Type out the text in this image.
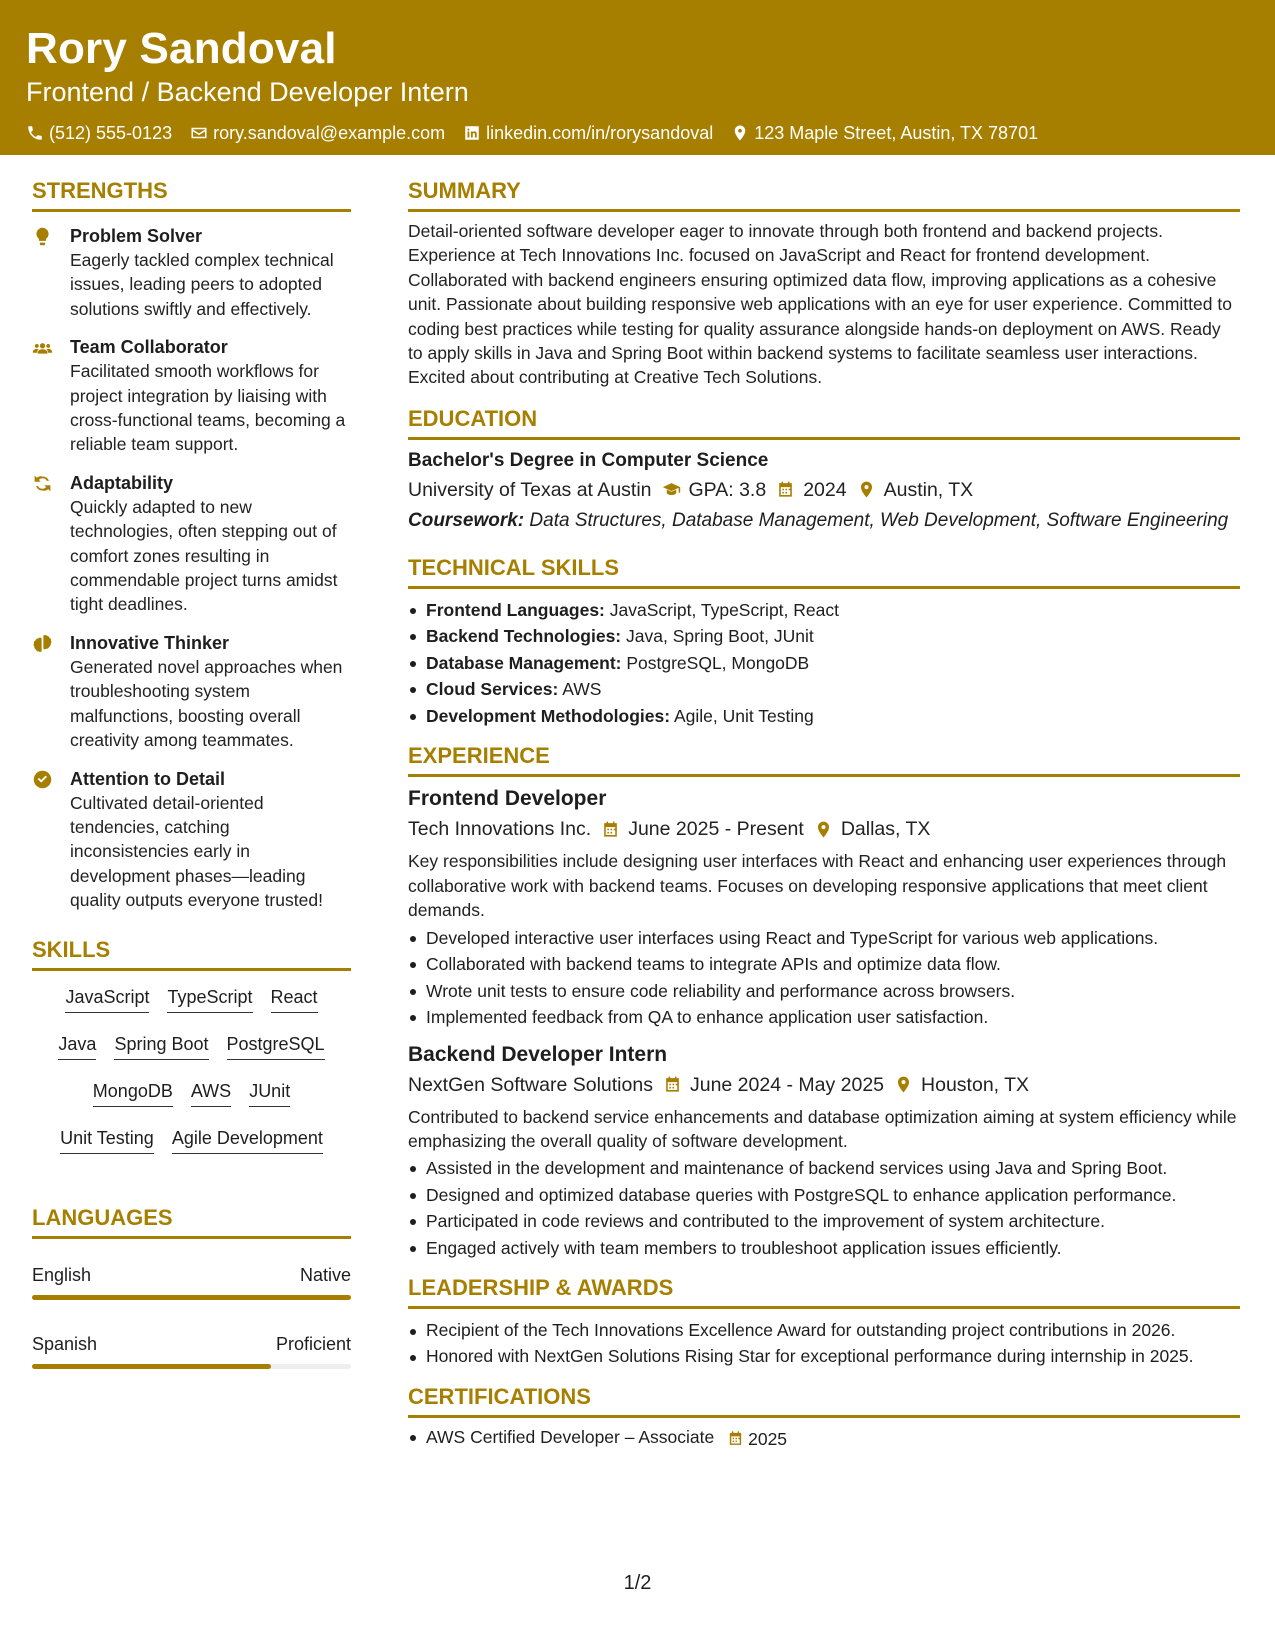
Rory Sandoval
Frontend / Backend Developer Intern
(512) 555-0123 rory.sandoval@example.com linkedin.com/in/rorysandoval 123 Maple Street, Austin, TX 78701
STRENGTHS
Problem Solver
Eagerly tackled complex technical issues, leading peers to adopted solutions swiftly and effectively.
Team Collaborator
Facilitated smooth workflows for project integration by liaising with cross-functional teams, becoming a reliable team support.
Adaptability
Quickly adapted to new technologies, often stepping out of comfort zones resulting in commendable project turns amidst tight deadlines.
Innovative Thinker
Generated novel approaches when troubleshooting system malfunctions, boosting overall creativity among teammates.
Attention to Detail
Cultivated detail-oriented tendencies, catching inconsistencies early in development phases—leading quality outputs everyone trusted!
SKILLS
JavaScript TypeScript React
Java Spring Boot PostgreSQL
MongoDB AWS JUnit
Unit Testing Agile Development
LANGUAGES
English	Native
Spanish	Proficient
SUMMARY
Detail-oriented software developer eager to innovate through both frontend and backend projects. Experience at Tech Innovations Inc. focused on JavaScript and React for frontend development. Collaborated with backend engineers ensuring optimized data flow, improving applications as a cohesive unit. Passionate about building responsive web applications with an eye for user experience. Committed to coding best practices while testing for quality assurance alongside hands-on deployment on AWS. Ready to apply skills in Java and Spring Boot within backend systems to facilitate seamless user interactions. Excited about contributing at Creative Tech Solutions.
EDUCATION
Bachelor's Degree in Computer Science
University of Texas at Austin GPA: 3.8 2024 Austin, TX
Coursework: Data Structures, Database Management, Web Development, Software Engineering
TECHNICAL SKILLS
Frontend Languages: JavaScript, TypeScript, React
Backend Technologies: Java, Spring Boot, JUnit
Database Management: PostgreSQL, MongoDB
Cloud Services: AWS
Development Methodologies: Agile, Unit Testing
EXPERIENCE
Frontend Developer
Tech Innovations Inc. June 2025 - Present Dallas, TX
Key responsibilities include designing user interfaces with React and enhancing user experiences through collaborative work with backend teams. Focuses on developing responsive applications that meet client demands.
Developed interactive user interfaces using React and TypeScript for various web applications.
Collaborated with backend teams to integrate APIs and optimize data flow.
Wrote unit tests to ensure code reliability and performance across browsers.
Implemented feedback from QA to enhance application user satisfaction.
Backend Developer Intern
NextGen Software Solutions June 2024 - May 2025 Houston, TX
Contributed to backend service enhancements and database optimization aiming at system efficiency while emphasizing the overall quality of software development.
Assisted in the development and maintenance of backend services using Java and Spring Boot.
Designed and optimized database queries with PostgreSQL to enhance application performance.
Participated in code reviews and contributed to the improvement of system architecture.
Engaged actively with team members to troubleshoot application issues efficiently.
LEADERSHIP & AWARDS
Recipient of the Tech Innovations Excellence Award for outstanding project contributions in 2026.
Honored with NextGen Solutions Rising Star for exceptional performance during internship in 2025.
CERTIFICATIONS
AWS Certified Developer – Associate 2025
1/2
